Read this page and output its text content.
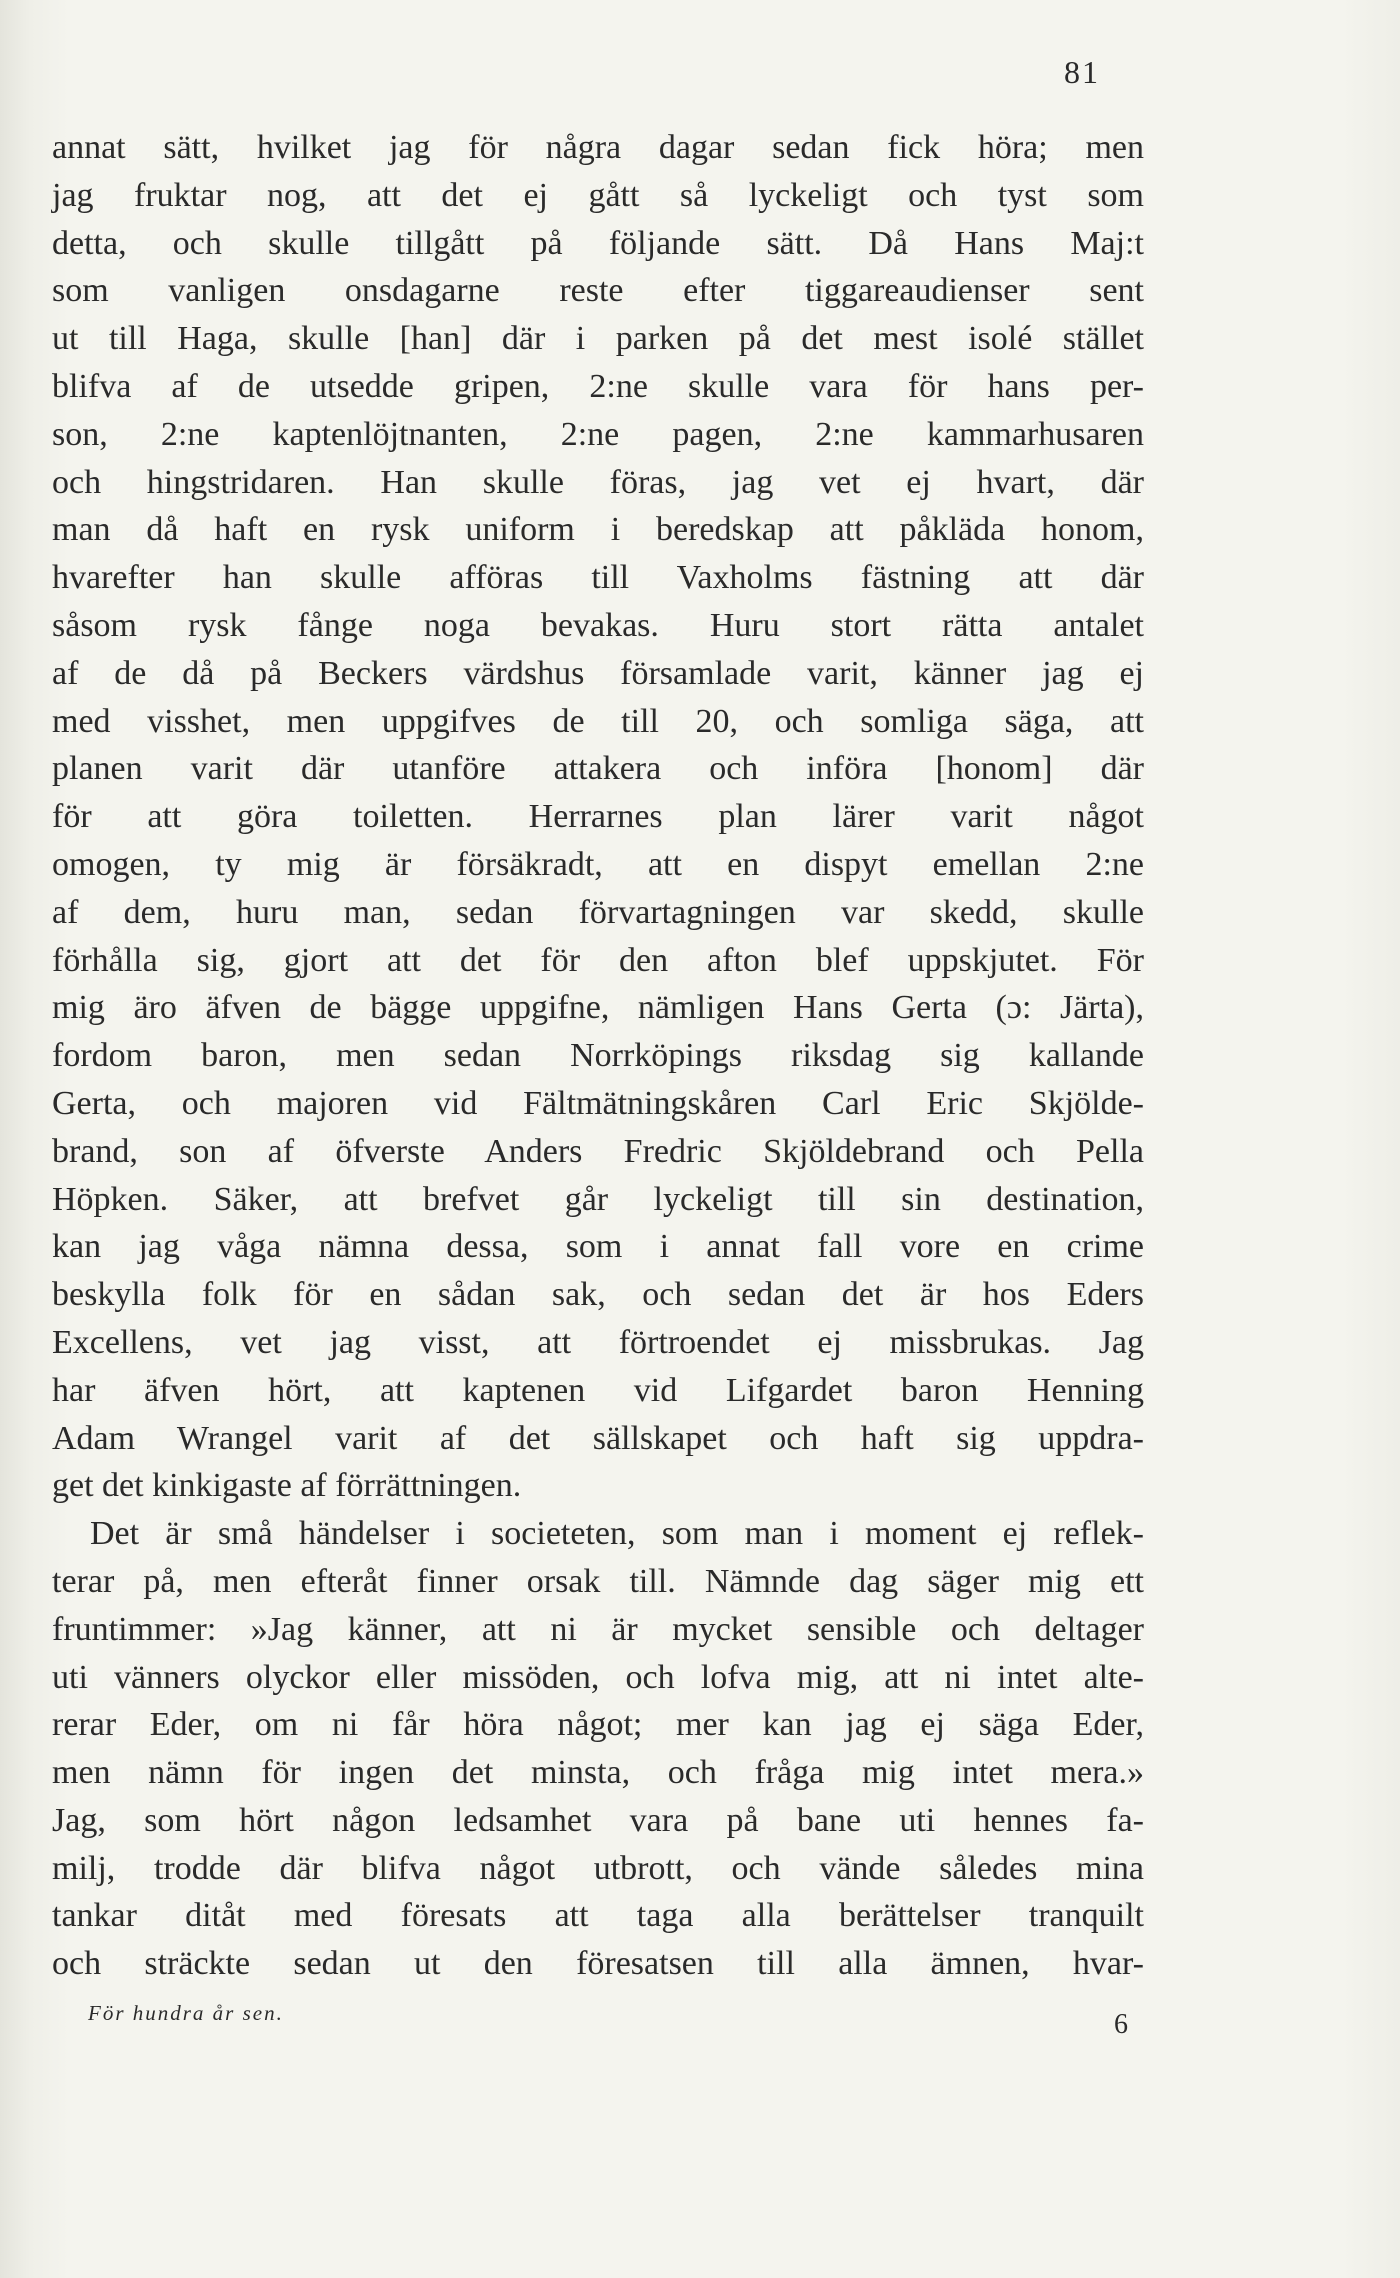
81
annat sätt, hvilket jag för några dagar sedan fick höra; men
jag fruktar nog, att det ej gått så lyckeligt och tyst som
detta, och skulle tillgått på följande sätt. Då Hans Maj:t
som vanligen onsdagarne reste efter tiggareaudienser sent
ut till Haga, skulle [han] där i parken på det mest isolé stället
blifva af de utsedde gripen, 2:ne skulle vara för hans per-
son, 2:ne kaptenlöjtnanten, 2:ne pagen, 2:ne kammarhusaren
och hingstridaren. Han skulle föras, jag vet ej hvart, där
man då haft en rysk uniform i beredskap att påkläda honom,
hvarefter han skulle afföras till Vaxholms fästning att där
såsom rysk fånge noga bevakas. Huru stort rätta antalet
af de då på Beckers värdshus församlade varit, känner jag ej
med visshet, men uppgifves de till 20, och somliga säga, att
planen varit där utanföre attakera och införa [honom] där
för att göra toiletten. Herrarnes plan lärer varit något
omogen, ty mig är försäkradt, att en dispyt emellan 2:ne
af dem, huru man, sedan förvartagningen var skedd, skulle
förhålla sig, gjort att det för den afton blef uppskjutet. För
mig äro äfven de bägge uppgifne, nämligen Hans Gerta (ɔ: Järta),
fordom baron, men sedan Norrköpings riksdag sig kallande
Gerta, och majoren vid Fältmätningskåren Carl Eric Skjölde-
brand, son af öfverste Anders Fredric Skjöldebrand och Pella
Höpken. Säker, att brefvet går lyckeligt till sin destination,
kan jag våga nämna dessa, som i annat fall vore en crime
beskylla folk för en sådan sak, och sedan det är hos Eders
Excellens, vet jag visst, att förtroendet ej missbrukas. Jag
har äfven hört, att kaptenen vid Lifgardet baron Henning
Adam Wrangel varit af det sällskapet och haft sig uppdra-
get det kinkigaste af förrättningen.
Det är små händelser i societeten, som man i moment ej reflek-
terar på, men efteråt finner orsak till. Nämnde dag säger mig ett
fruntimmer: »Jag känner, att ni är mycket sensible och deltager
uti vänners olyckor eller missöden, och lofva mig, att ni intet alte-
rerar Eder, om ni får höra något; mer kan jag ej säga Eder,
men nämn för ingen det minsta, och fråga mig intet mera.»
Jag, som hört någon ledsamhet vara på bane uti hennes fa-
milj, trodde där blifva något utbrott, och vände således mina
tankar ditåt med föresats att taga alla berättelser tranquilt
och sträckte sedan ut den föresatsen till alla ämnen, hvar-
För hundra år sen.	6
